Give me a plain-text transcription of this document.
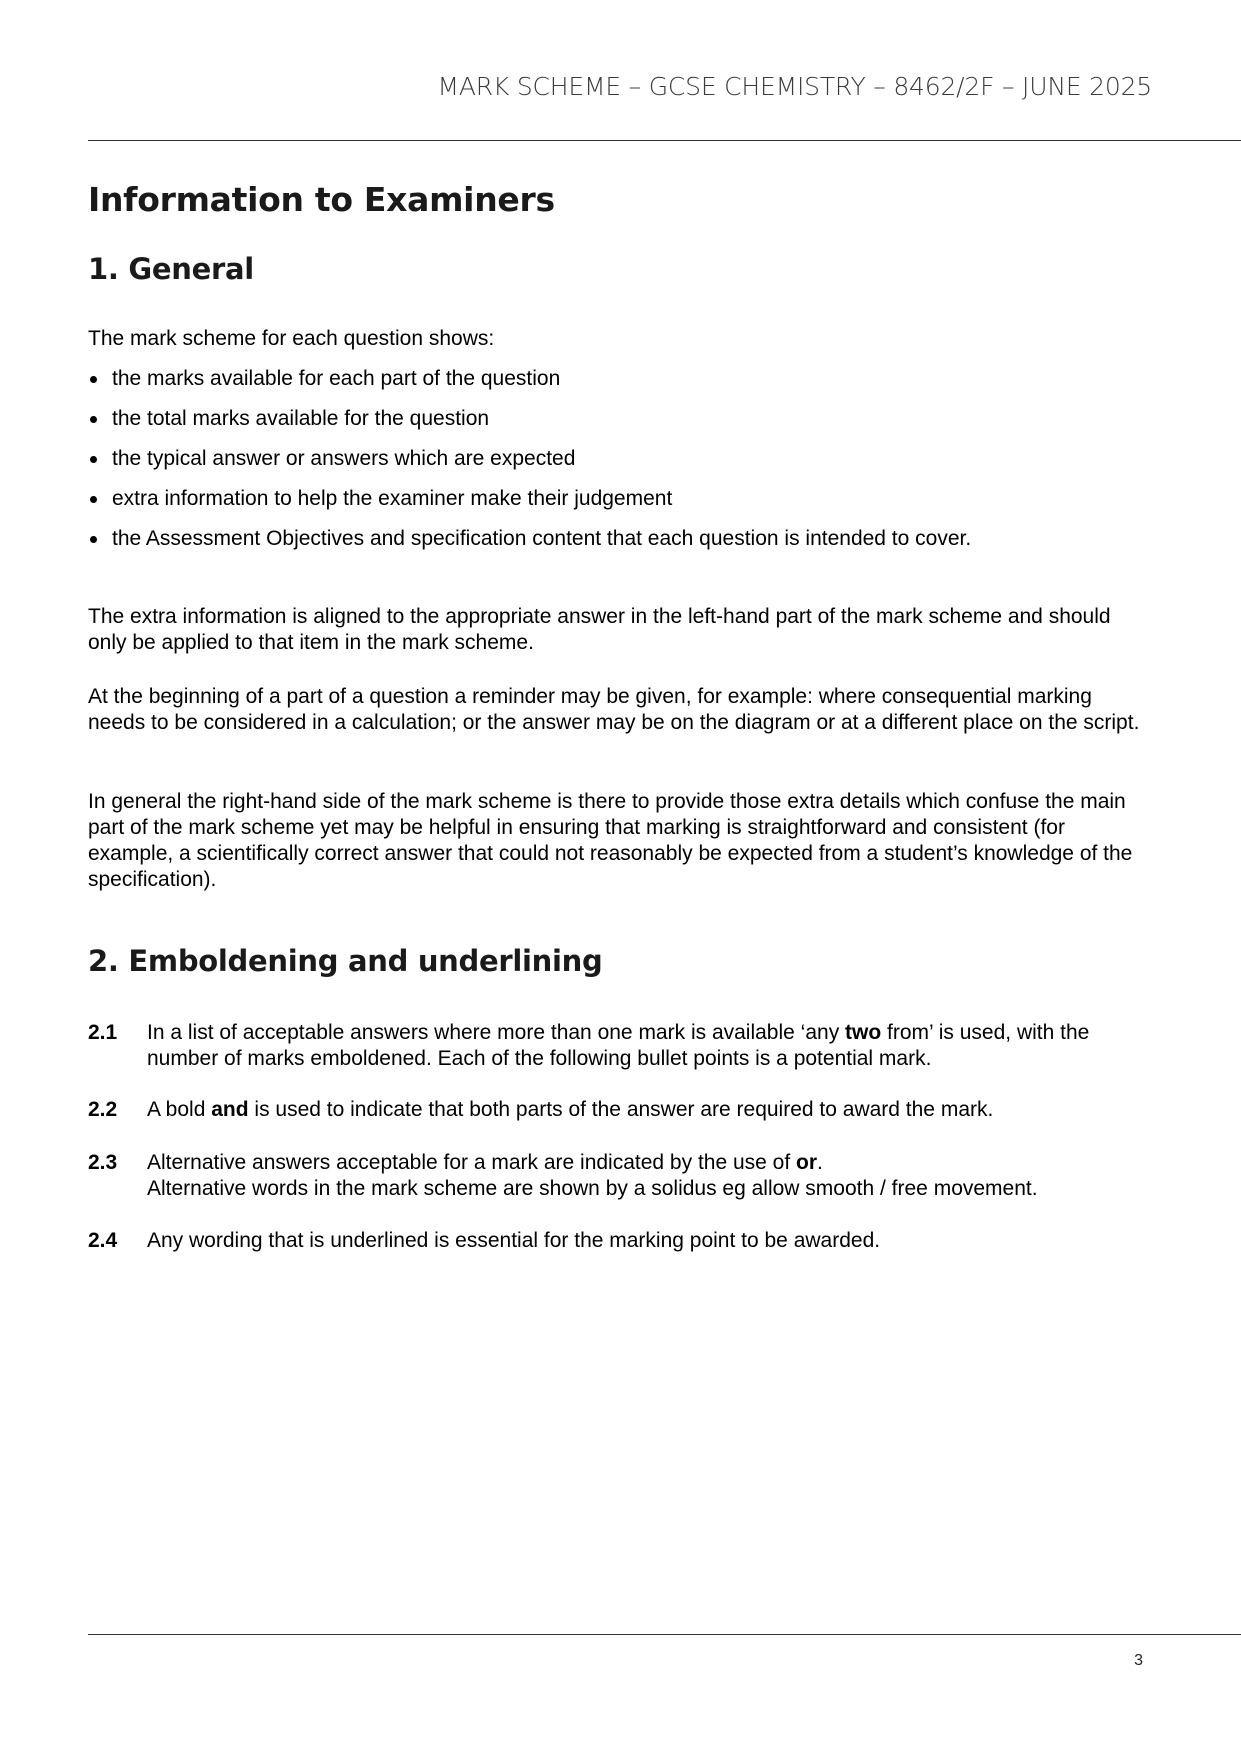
MARK SCHEME – GCSE CHEMISTRY – 8462/2F – JUNE 2025
Information to Examiners
1. General

The mark scheme for each question shows:

the marks available for each part of the question
the total marks available for the question
the typical answer or answers which are expected
extra information to help the examiner make their judgement
the Assessment Objectives and specification content that each question is intended to cover.

The extra information is aligned to the appropriate answer in the left-hand part of the mark scheme and should only be applied to that item in the mark scheme.

At the beginning of a part of a question a reminder may be given, for example: where consequential marking needs to be considered in a calculation; or the answer may be on the diagram or at a different place on the script.

In general the right-hand side of the mark scheme is there to provide those extra details which confuse the main part of the mark scheme yet may be helpful in ensuring that marking is straightforward and consistent (for example, a scientifically correct answer that could not reasonably be expected from a student’s knowledge of the specification).

2. Emboldening and underlining
2.1 In a list of acceptable answers where more than one mark is available ‘any two from’ is used, with the number of marks emboldened. Each of the following bullet points is a potential mark.
2.2 A bold and is used to indicate that both parts of the answer are required to award the mark.
2.3 Alternative answers acceptable for a mark are indicated by the use of or.
Alternative words in the mark scheme are shown by a solidus eg allow smooth / free movement.
2.4 Any wording that is underlined is essential for the marking point to be awarded.
3
